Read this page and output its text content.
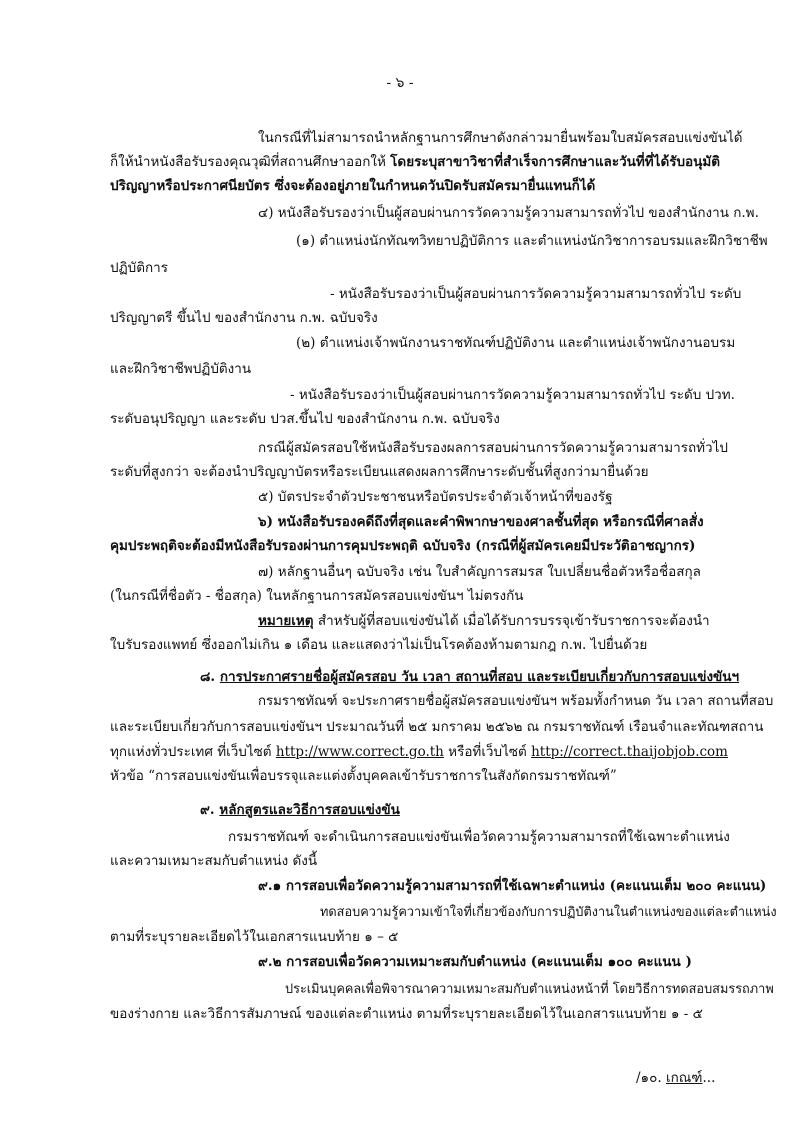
- ๖ -
ในกรณีที่ไม่สามารถนำหลักฐานการศึกษาดังกล่าวมายื่นพร้อมใบสมัครสอบแข่งขันได้
ก็ให้นำหนังสือรับรองคุณวุฒิที่สถานศึกษาออกให้ โดยระบุสาขาวิชาที่สำเร็จการศึกษาและวันที่ที่ได้รับอนุมัติ
ปริญญาหรือประกาศนียบัตร ซึ่งจะต้องอยู่ภายในกำหนดวันปิดรับสมัครมายื่นแทนก็ได้
๔) หนังสือรับรองว่าเป็นผู้สอบผ่านการวัดความรู้ความสามารถทั่วไป ของสำนักงาน ก.พ.
(๑) ตำแหน่งนักทัณฑวิทยาปฏิบัติการ และตำแหน่งนักวิชาการอบรมและฝึกวิชาชีพ
ปฏิบัติการ
- หนังสือรับรองว่าเป็นผู้สอบผ่านการวัดความรู้ความสามารถทั่วไป ระดับ
ปริญญาตรี ขึ้นไป ของสำนักงาน ก.พ. ฉบับจริง
(๒) ตำแหน่งเจ้าพนักงานราชทัณฑ์ปฏิบัติงาน และตำแหน่งเจ้าพนักงานอบรม
และฝึกวิชาชีพปฏิบัติงาน
- หนังสือรับรองว่าเป็นผู้สอบผ่านการวัดความรู้ความสามารถทั่วไป ระดับ ปวท.
ระดับอนุปริญญา และระดับ ปวส.ขึ้นไป ของสำนักงาน ก.พ. ฉบับจริง
กรณีผู้สมัครสอบใช้หนังสือรับรองผลการสอบผ่านการวัดความรู้ความสามารถทั่วไป
ระดับที่สูงกว่า จะต้องนำปริญญาบัตรหรือระเบียนแสดงผลการศึกษาระดับชั้นที่สูงกว่ามายื่นด้วย
๕) บัตรประจำตัวประชาชนหรือบัตรประจำตัวเจ้าหน้าที่ของรัฐ
๖) หนังสือรับรองคดีถึงที่สุดและคำพิพากษาของศาลชั้นที่สุด หรือกรณีที่ศาลสั่ง
คุมประพฤติจะต้องมีหนังสือรับรองผ่านการคุมประพฤติ ฉบับจริง (กรณีที่ผู้สมัครเคยมีประวัติอาชญากร)
๗) หลักฐานอื่นๆ ฉบับจริง เช่น ใบสำคัญการสมรส ใบเปลี่ยนชื่อตัวหรือชื่อสกุล
(ในกรณีที่ชื่อตัว - ชื่อสกุล) ในหลักฐานการสมัครสอบแข่งขันฯ ไม่ตรงกัน
หมายเหตุ สำหรับผู้ที่สอบแข่งขันได้ เมื่อได้รับการบรรจุเข้ารับราชการจะต้องนำ
ใบรับรองแพทย์ ซึ่งออกไม่เกิน ๑ เดือน และแสดงว่าไม่เป็นโรคต้องห้ามตามกฎ ก.พ. ไปยื่นด้วย
๘. การประกาศรายชื่อผู้สมัครสอบ วัน เวลา สถานที่สอบ และระเบียบเกี่ยวกับการสอบแข่งขันฯ
กรมราชทัณฑ์ จะประกาศรายชื่อผู้สมัครสอบแข่งขันฯ พร้อมทั้งกำหนด วัน เวลา สถานที่สอบ
และระเบียบเกี่ยวกับการสอบแข่งขันฯ ประมาณวันที่ ๒๕ มกราคม ๒๕๖๒ ณ กรมราชทัณฑ์ เรือนจำและทัณฑสถาน
ทุกแห่งทั่วประเทศ ที่เว็บไซต์ http://www.correct.go.th หรือที่เว็บไซต์ http://correct.thaijobjob.com
หัวข้อ “การสอบแข่งขันเพื่อบรรจุและแต่งตั้งบุคคลเข้ารับราชการในสังกัดกรมราชทัณฑ์”
๙. หลักสูตรและวิธีการสอบแข่งขัน
กรมราชทัณฑ์ จะดำเนินการสอบแข่งขันเพื่อวัดความรู้ความสามารถที่ใช้เฉพาะตำแหน่ง
และความเหมาะสมกับตำแหน่ง ดังนี้
๙.๑ การสอบเพื่อวัดความรู้ความสามารถที่ใช้เฉพาะตำแหน่ง (คะแนนเต็ม ๒๐๐ คะแนน)
ทดสอบความรู้ความเข้าใจที่เกี่ยวข้องกับการปฏิบัติงานในตำแหน่งของแต่ละตำแหน่ง
ตามที่ระบุรายละเอียดไว้ในเอกสารแนบท้าย ๑ – ๕
๙.๒ การสอบเพื่อวัดความเหมาะสมกับตำแหน่ง (คะแนนเต็ม ๑๐๐ คะแนน )
ประเมินบุคคลเพื่อพิจารณาความเหมาะสมกับตำแหน่งหน้าที่ โดยวิธีการทดสอบสมรรถภาพ
ของร่างกาย และวิธีการสัมภาษณ์ ของแต่ละตำแหน่ง ตามที่ระบุรายละเอียดไว้ในเอกสารแนบท้าย ๑ - ๕
/๑๐. เกณฑ์...
